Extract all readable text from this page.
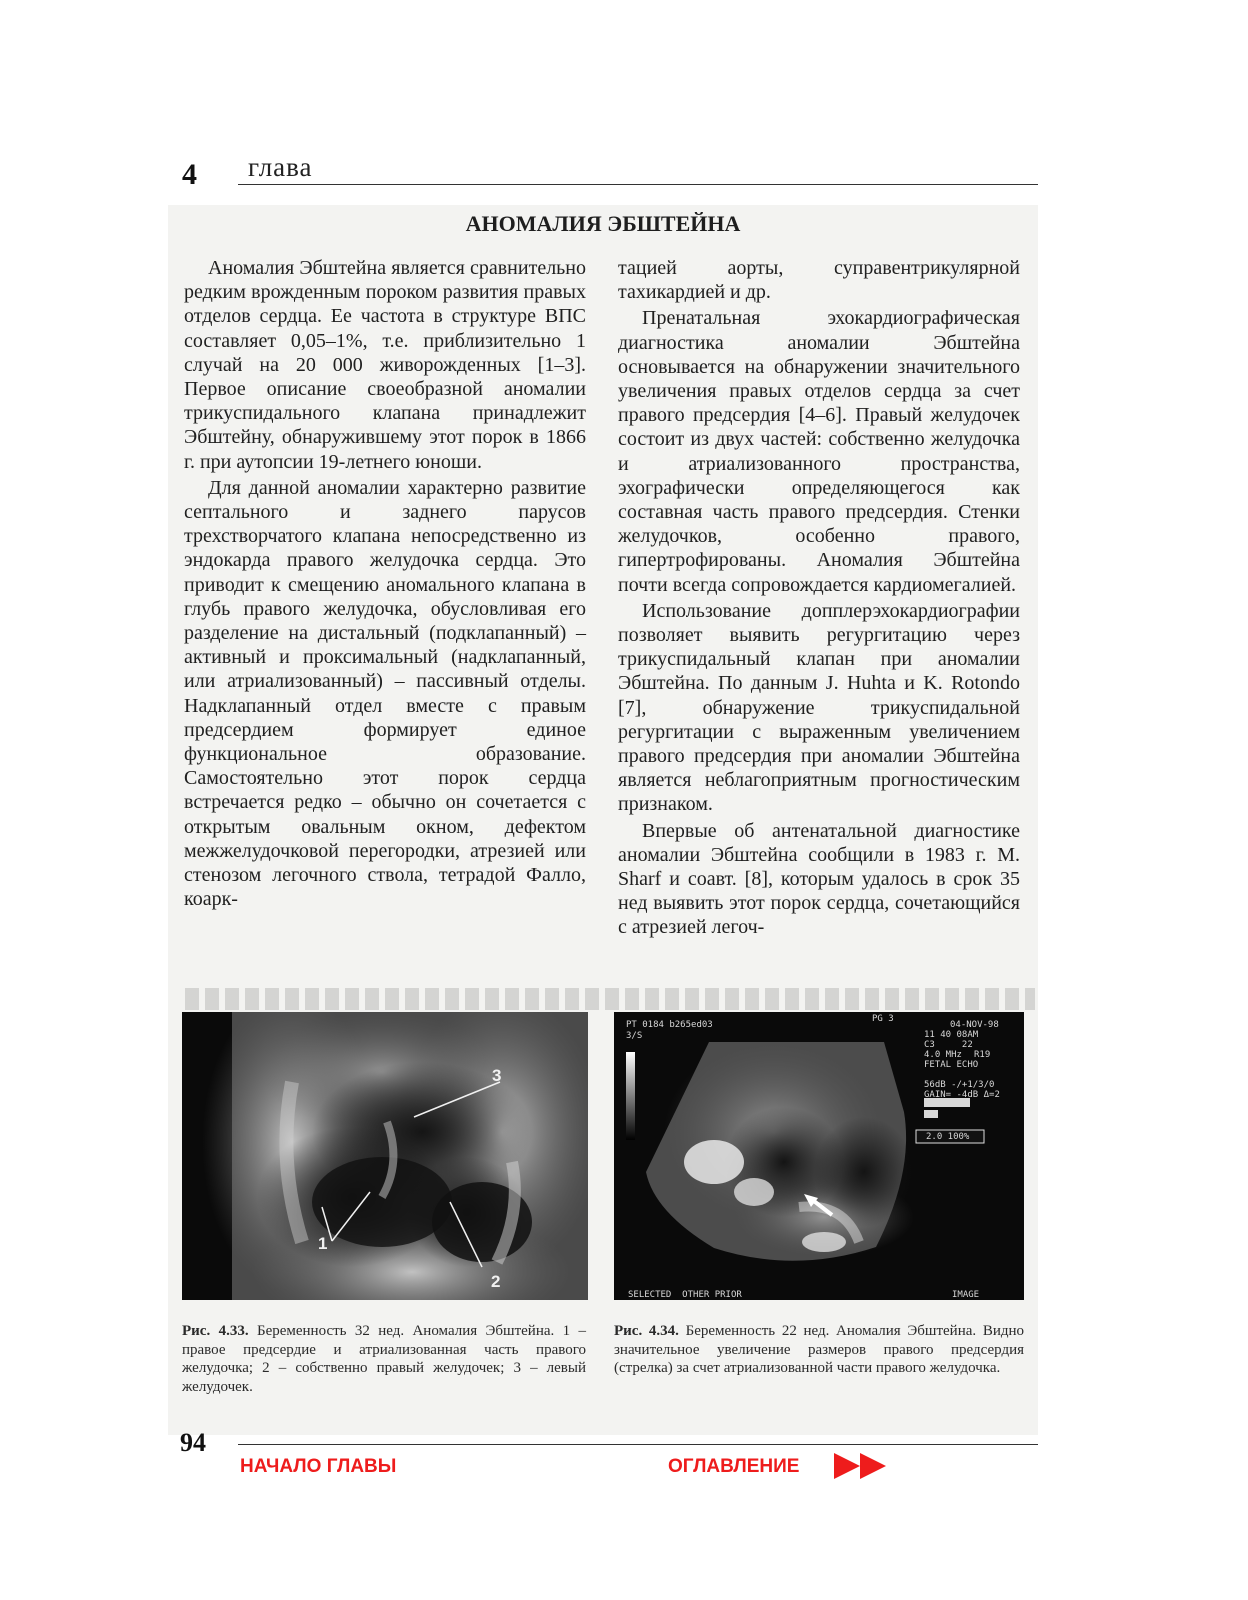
4 глава
АНОМАЛИЯ ЭБШТЕЙНА

Аномалия Эбштейна является сравнительно редким врожденным пороком развития правых отделов сердца. Ее частота в структуре ВПС составляет 0,05–1%, т.е. приблизительно 1 случай на 20 000 живорожденных [1–3]. Первое описание своеобразной аномалии трикуспидального клапана принадлежит Эбштейну, обнаружившему этот порок в 1866 г. при аутопсии 19-летнего юноши.

Для данной аномалии характерно развитие септального и заднего парусов трехстворчатого клапана непосредственно из эндокарда правого желудочка сердца. Это приводит к смещению аномального клапана в глубь правого желудочка, обусловливая его разделение на дистальный (подклапанный) – активный и проксимальный (надклапанный, или атриализованный) – пассивный отделы. Надклапанный отдел вместе с правым предсердием формирует единое функциональное образование. Самостоятельно этот порок сердца встречается редко – обычно он сочетается с открытым овальным окном, дефектом межжелудочковой перегородки, атрезией или стенозом легочного ствола, тетрадой Фалло, коарк-

тацией аорты, суправентрикулярной тахикардией и др.

Пренатальная эхокардиографическая диагностика аномалии Эбштейна основывается на обнаружении значительного увеличения правых отделов сердца за счет правого предсердия [4–6]. Правый желудочек состоит из двух частей: собственно желудочка и атриализованного пространства, эхографически определяющегося как составная часть правого предсердия. Стенки желудочков, особенно правого, гипертрофированы. Аномалия Эбштейна почти всегда сопровождается кардиомегалией.

Использование допплерэхокардиографии позволяет выявить регургитацию через трикуспидальный клапан при аномалии Эбштейна. По данным J. Huhta и K. Rotondo [7], обнаружение трикуспидальной регургитации с выраженным увеличением правого предсердия при аномалии Эбштейна является неблагоприятным прогностическим признаком.

Впервые об антенатальной диагностике аномалии Эбштейна сообщили в 1983 г. M. Sharf и соавт. [8], которым удалось в срок 35 нед выявить этот порок сердца, сочетающийся с атрезией легоч-

3
1
2
PT 0184 b265ed03
3/S
PG 3
04-NOV-98
11 40 08AM
C3     22
4.0 MHz R19
FETAL ECHO
56dB -/+1/3/0
GAIN= -4dB Δ=2
2.0 100%
SELECTED  OTHER PRIOR	IMAGE
Рис. 4.33. Беременность 32 нед. Аномалия Эбштейна. 1 – правое предсердие и атриализованная часть правого желудочка; 2 – собственно правый желудочек; 3 – левый желудочек.
Рис. 4.34. Беременность 22 нед. Аномалия Эбштейна. Видно значительное увеличение размеров правого предсердия (стрелка) за счет атриализованной части правого желудочка.
94
НАЧАЛО ГЛАВЫ	ОГЛАВЛЕНИЕ
